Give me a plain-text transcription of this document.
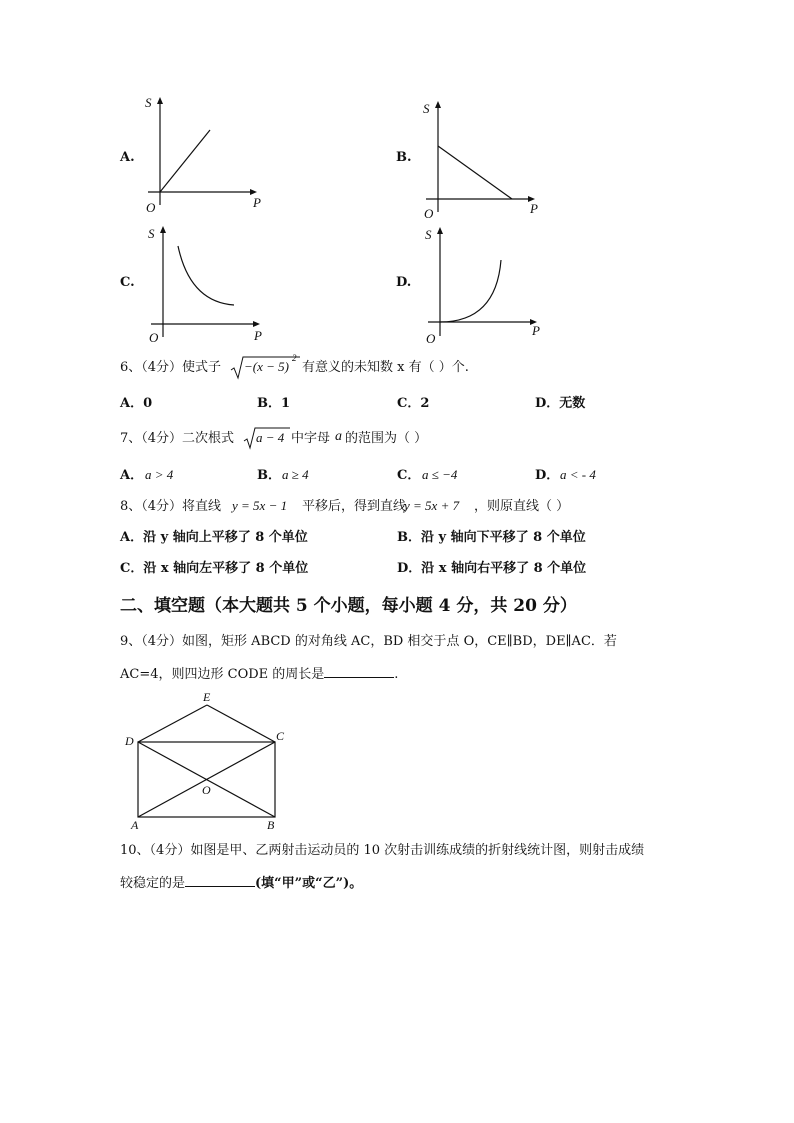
A.
S
O	P
B.
S
O	P
C.
S
O	P
D.
S
O
P
6、（4分）使式子 −(x − 5)
2
有意义的未知数 x 有（ ）个.
A．0	B．1	C．2	D．无数
7、（4分）二次根式 a − 4 中字母 a 的范围为（ ）
A． a > 4	B． a ≥ 4	C． a ≤ −4	D． a < - 4
8、（4分）将直线 y = 5x − 1 平移后，得到直线
y = 5x + 7 ，则原直线（ ）
A．沿 y 轴向上平移了 8 个单位	B．沿 y 轴向下平移了 8 个单位
C．沿 x 轴向左平移了 8 个单位	D．沿 x 轴向右平移了 8 个单位
二、填空题（本大题共 5 个小题，每小题 4 分，共 20 分）
9、（4分）如图，矩形 ABCD 的对角线 AC，BD 相交于点 O，CE∥BD，DE∥AC．若
AC=4，则四边形 CODE 的周长是	.
E
D	C
O
A	B
10、（4分）如图是甲、乙两射击运动员的 10 次射击训练成绩的折射线统计图，则射击成绩
较稳定的是	(填“甲”或“乙”)。
